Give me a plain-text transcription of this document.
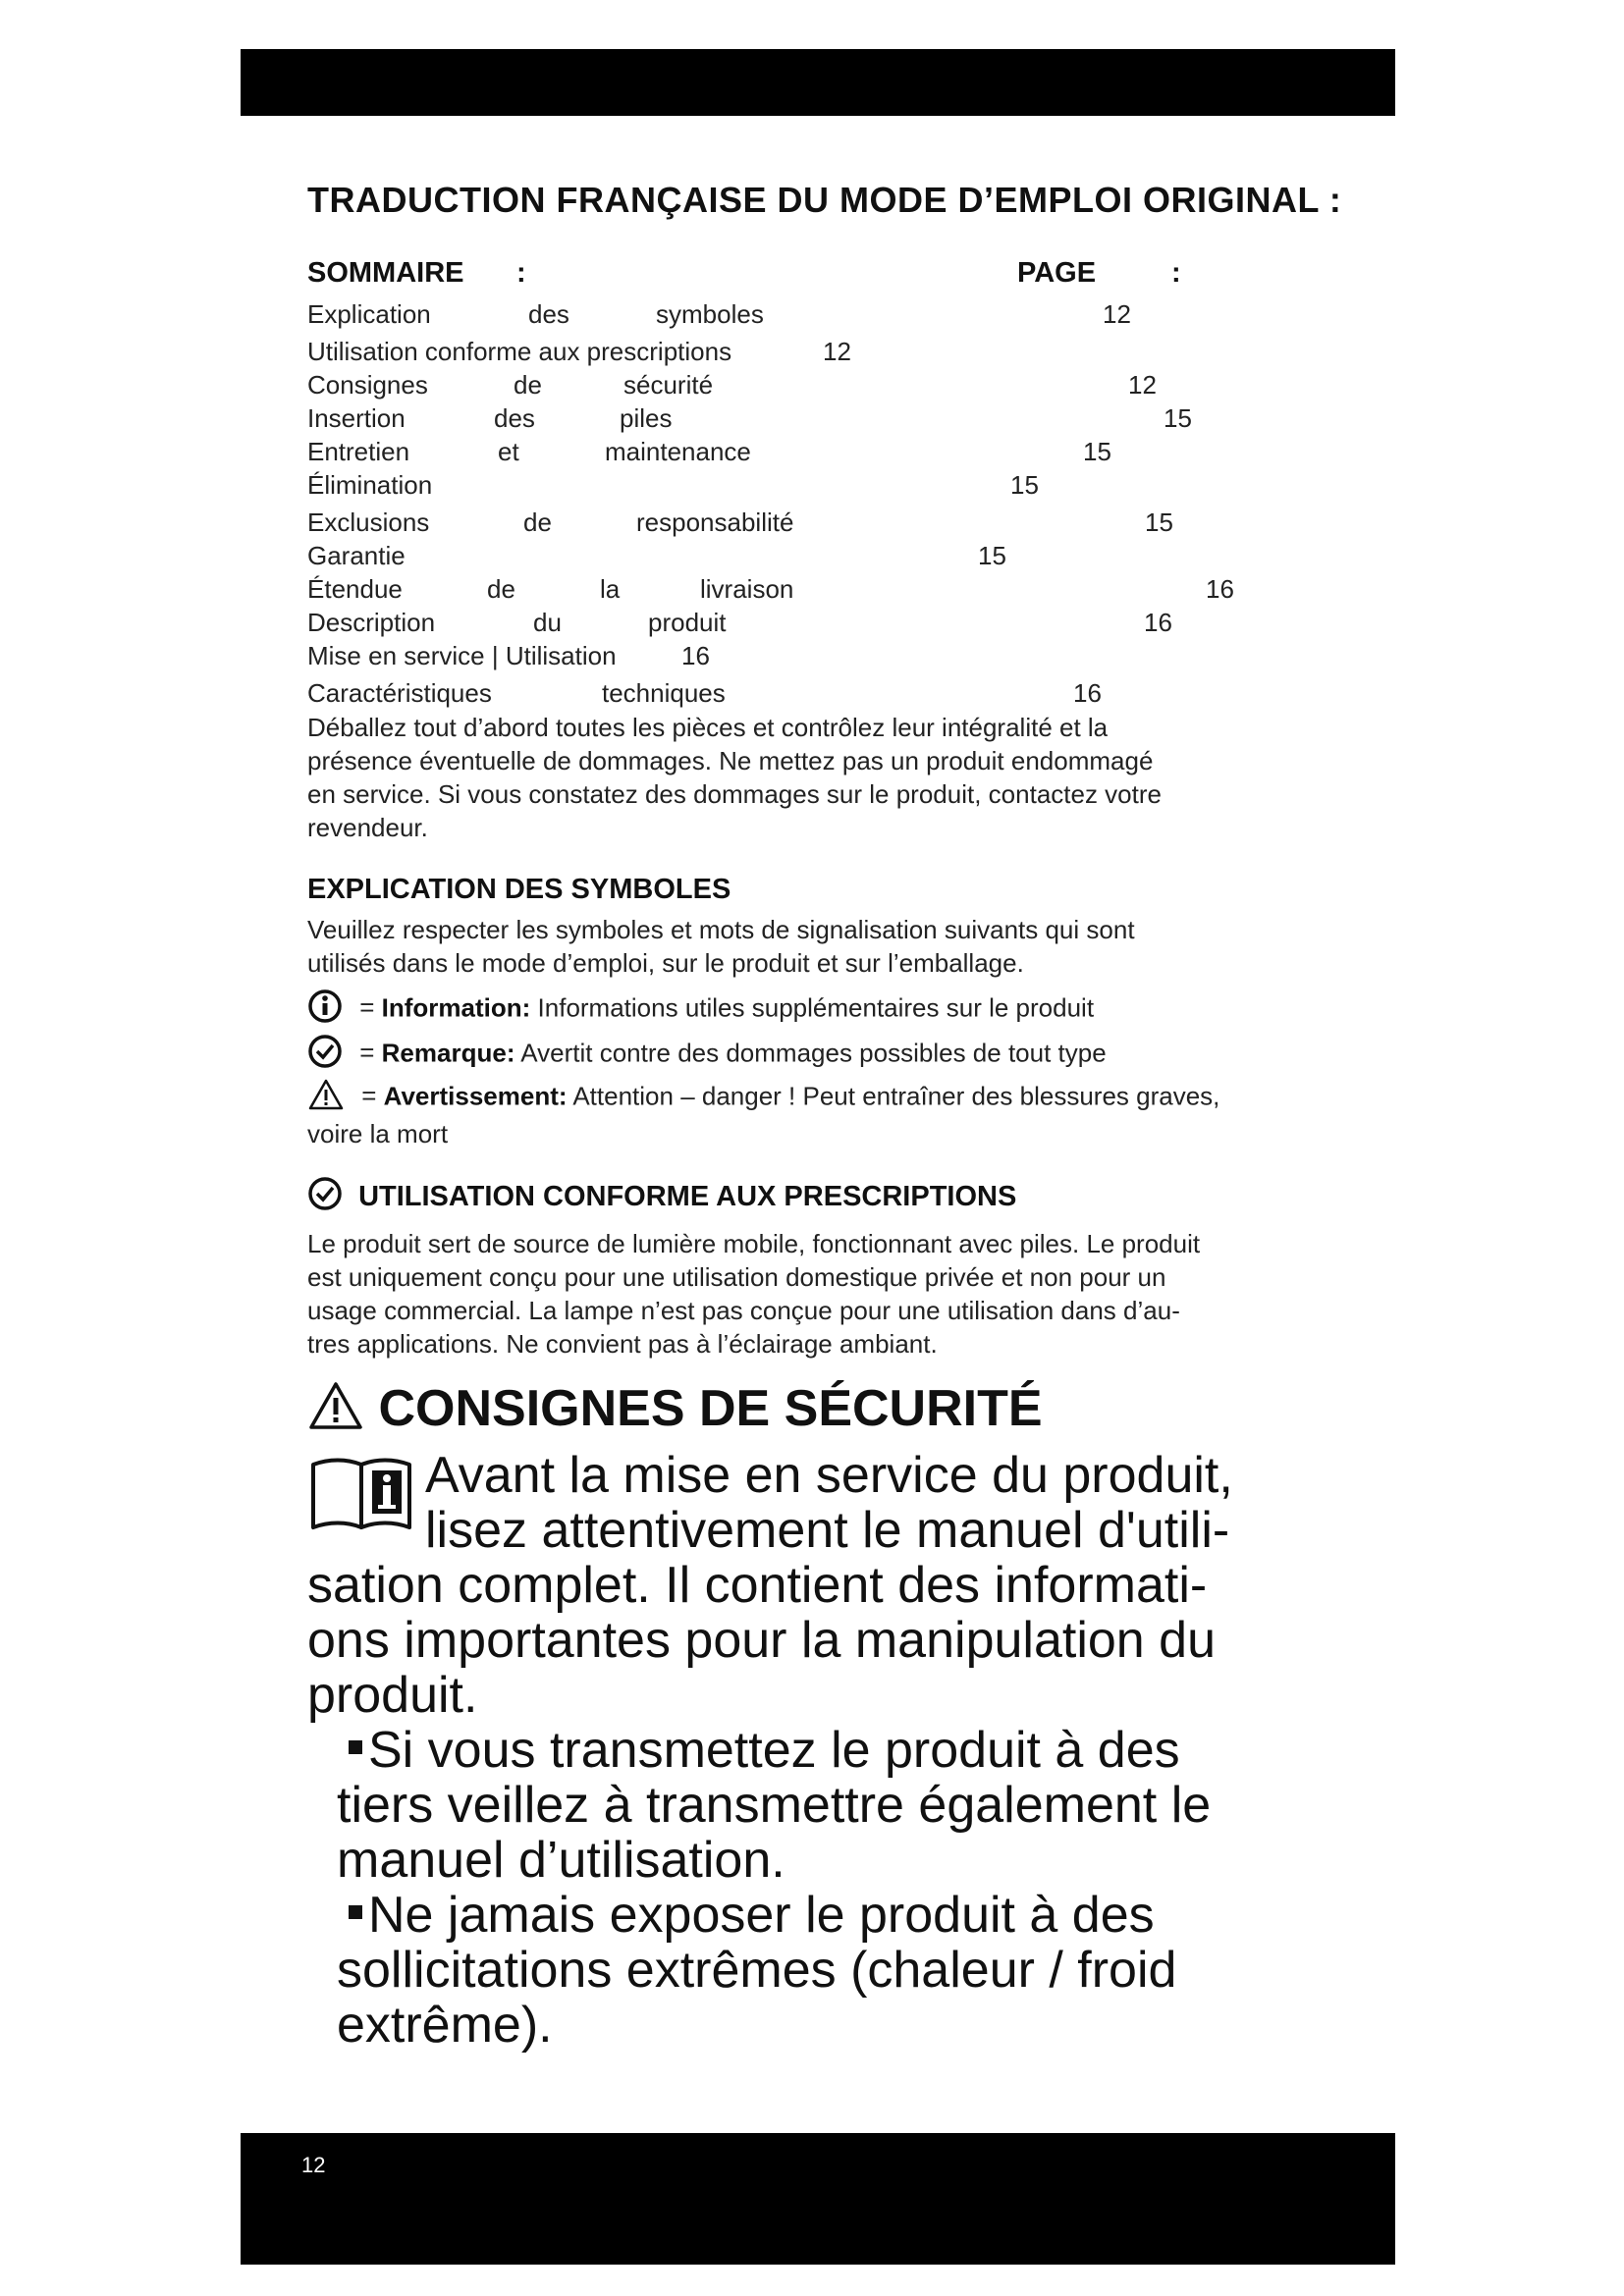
TRADUCTION FRANÇAISE DU MODE D’EMPLOI ORIGINAL :
SOMMAIRE :	PAGE	:
Explication	des	symboles	12
Utilisation conforme aux prescriptions	12
Consignes	de	sécurité	12
Insertion	des	piles	15
Entretien	et	maintenance	15
Élimination	15
Exclusions	de	responsabilité	15
Garantie	15
Étendue	de	la	livraison	16
Description	du	produit	16
Mise en service | Utilisation	16
Caractéristiques	techniques	16
Déballez tout d’abord toutes les pièces et contrôlez leur intégralité et la
présence éventuelle de dommages. Ne mettez pas un produit endommagé
en service. Si vous constatez des dommages sur le produit, contactez votre
revendeur.
EXPLICATION DES SYMBOLES
Veuillez respecter les symboles et mots de signalisation suivants qui sont
utilisés dans le mode d’emploi, sur le produit et sur l’emballage.
= Information: Informations utiles supplémentaires sur le produit
= Remarque: Avertit contre des dommages possibles de tout type
= Avertissement: Attention – danger ! Peut entraîner des blessures graves,
voire la mort
UTILISATION CONFORME AUX PRESCRIPTIONS
Le produit sert de source de lumière mobile, fonctionnant avec piles. Le produit
est uniquement conçu pour une utilisation domestique privée et non pour un
usage commercial. La lampe n’est pas conçue pour une utilisation dans d’au-
tres applications. Ne convient pas à l’éclairage ambiant.
CONSIGNES DE SÉCURITÉ
Avant la mise en service du produit,
lisez attentivement le manuel d'utili-
sation complet. Il contient des informati-
ons importantes pour la manipulation du
produit.
Si vous transmettez le produit à des
tiers veillez à transmettre également le
manuel d’utilisation.
Ne jamais exposer le produit à des
sollicitations extrêmes (chaleur / froid
extrême).
12
